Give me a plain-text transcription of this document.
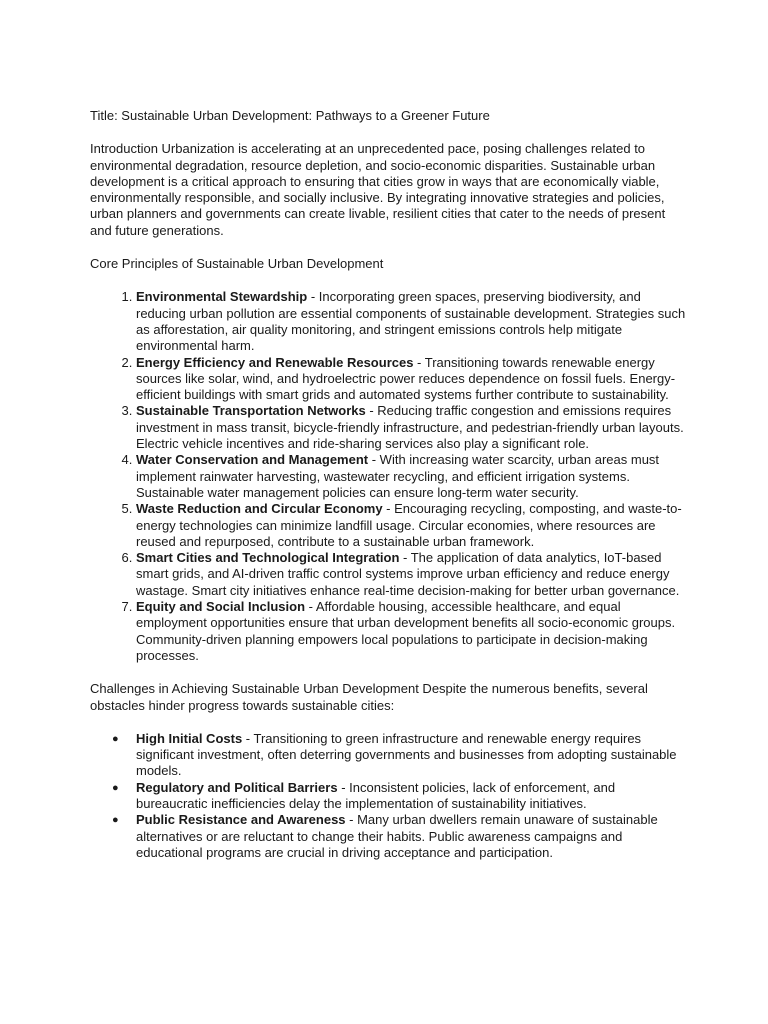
Title: Sustainable Urban Development: Pathways to a Greener Future

Introduction Urbanization is accelerating at an unprecedented pace, posing challenges related to environmental degradation, resource depletion, and socio-economic disparities. Sustainable urban development is a critical approach to ensuring that cities grow in ways that are economically viable, environmentally responsible, and socially inclusive. By integrating innovative strategies and policies, urban planners and governments can create livable, resilient cities that cater to the needs of present and future generations.

Core Principles of Sustainable Urban Development

1. Environmental Stewardship - Incorporating green spaces, preserving biodiversity, and reducing urban pollution are essential components of sustainable development. Strategies such as afforestation, air quality monitoring, and stringent emissions controls help mitigate environmental harm.
2. Energy Efficiency and Renewable Resources - Transitioning towards renewable energy sources like solar, wind, and hydroelectric power reduces dependence on fossil fuels. Energy-efficient buildings with smart grids and automated systems further contribute to sustainability.
3. Sustainable Transportation Networks - Reducing traffic congestion and emissions requires investment in mass transit, bicycle-friendly infrastructure, and pedestrian-friendly urban layouts. Electric vehicle incentives and ride-sharing services also play a significant role.
4. Water Conservation and Management - With increasing water scarcity, urban areas must implement rainwater harvesting, wastewater recycling, and efficient irrigation systems. Sustainable water management policies can ensure long-term water security.
5. Waste Reduction and Circular Economy - Encouraging recycling, composting, and waste-to-energy technologies can minimize landfill usage. Circular economies, where resources are reused and repurposed, contribute to a sustainable urban framework.
6. Smart Cities and Technological Integration - The application of data analytics, IoT-based smart grids, and AI-driven traffic control systems improve urban efficiency and reduce energy wastage. Smart city initiatives enhance real-time decision-making for better urban governance.
7. Equity and Social Inclusion - Affordable housing, accessible healthcare, and equal employment opportunities ensure that urban development benefits all socio-economic groups. Community-driven planning empowers local populations to participate in decision-making processes.

Challenges in Achieving Sustainable Urban Development Despite the numerous benefits, several obstacles hinder progress towards sustainable cities:

● High Initial Costs - Transitioning to green infrastructure and renewable energy requires significant investment, often deterring governments and businesses from adopting sustainable models.
● Regulatory and Political Barriers - Inconsistent policies, lack of enforcement, and bureaucratic inefficiencies delay the implementation of sustainability initiatives.
● Public Resistance and Awareness - Many urban dwellers remain unaware of sustainable alternatives or are reluctant to change their habits. Public awareness campaigns and educational programs are crucial in driving acceptance and participation.
